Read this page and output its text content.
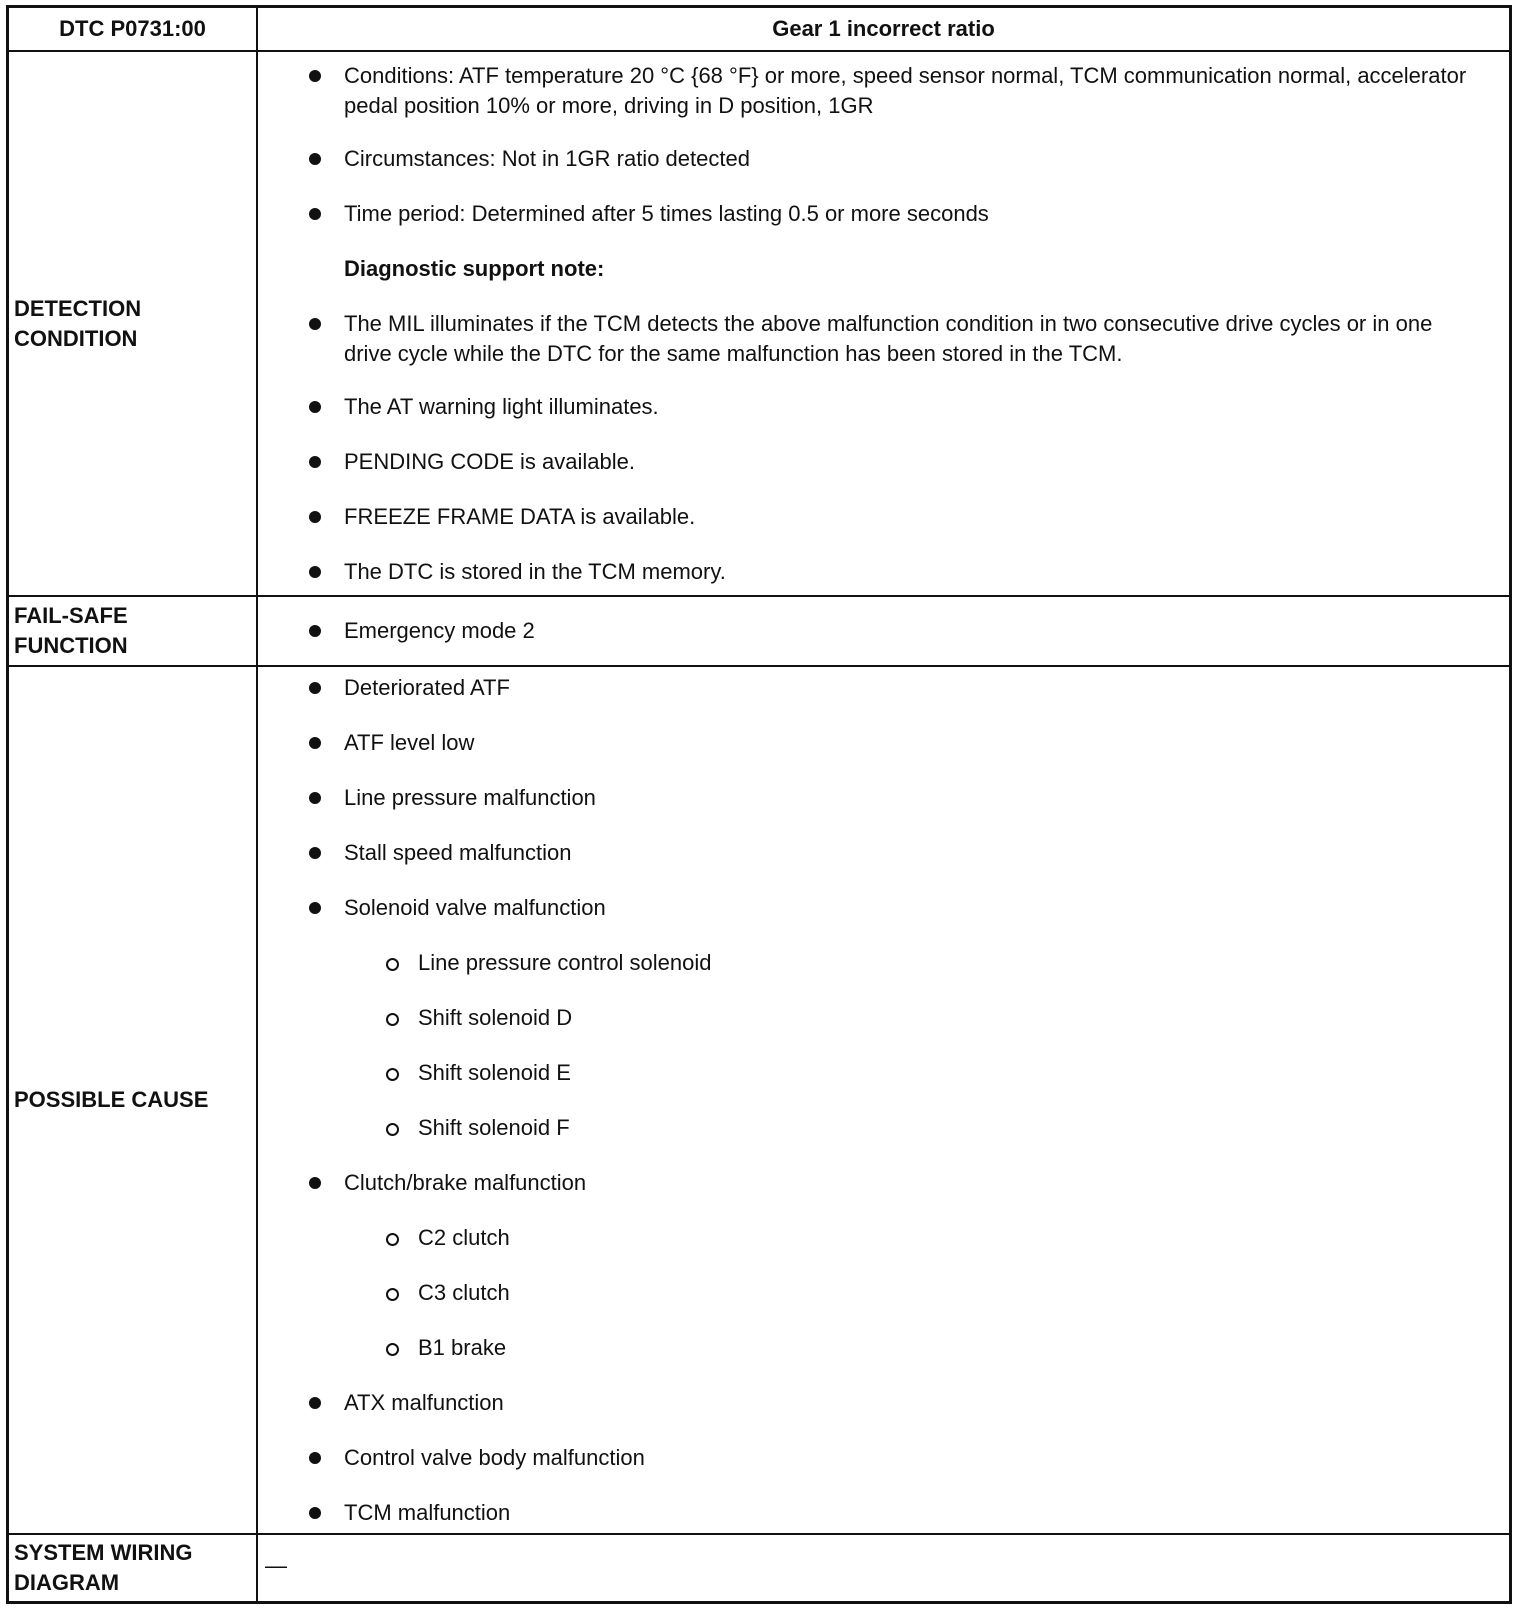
DTC P0731:00	Gear 1 incorrect ratio
DETECTION
CONDITION
Conditions: ATF temperature 20 °C {68 °F} or more, speed sensor normal, TCM communication normal, accelerator pedal position 10% or more, driving in D position, 1GR
Circumstances: Not in 1GR ratio detected
Time period: Determined after 5 times lasting 0.5 or more seconds
Diagnostic support note:
The MIL illuminates if the TCM detects the above malfunction condition in two consecutive drive cycles or in one drive cycle while the DTC for the same malfunction has been stored in the TCM.
The AT warning light illuminates.
PENDING CODE is available.
FREEZE FRAME DATA is available.
The DTC is stored in the TCM memory.
FAIL-SAFE
FUNCTION
Emergency mode 2
POSSIBLE CAUSE
Deteriorated ATF
ATF level low
Line pressure malfunction
Stall speed malfunction
Solenoid valve malfunction
Line pressure control solenoid
Shift solenoid D
Shift solenoid E
Shift solenoid F
Clutch/brake malfunction
C2 clutch
C3 clutch
B1 brake
ATX malfunction
Control valve body malfunction
TCM malfunction
SYSTEM WIRING
DIAGRAM
—
